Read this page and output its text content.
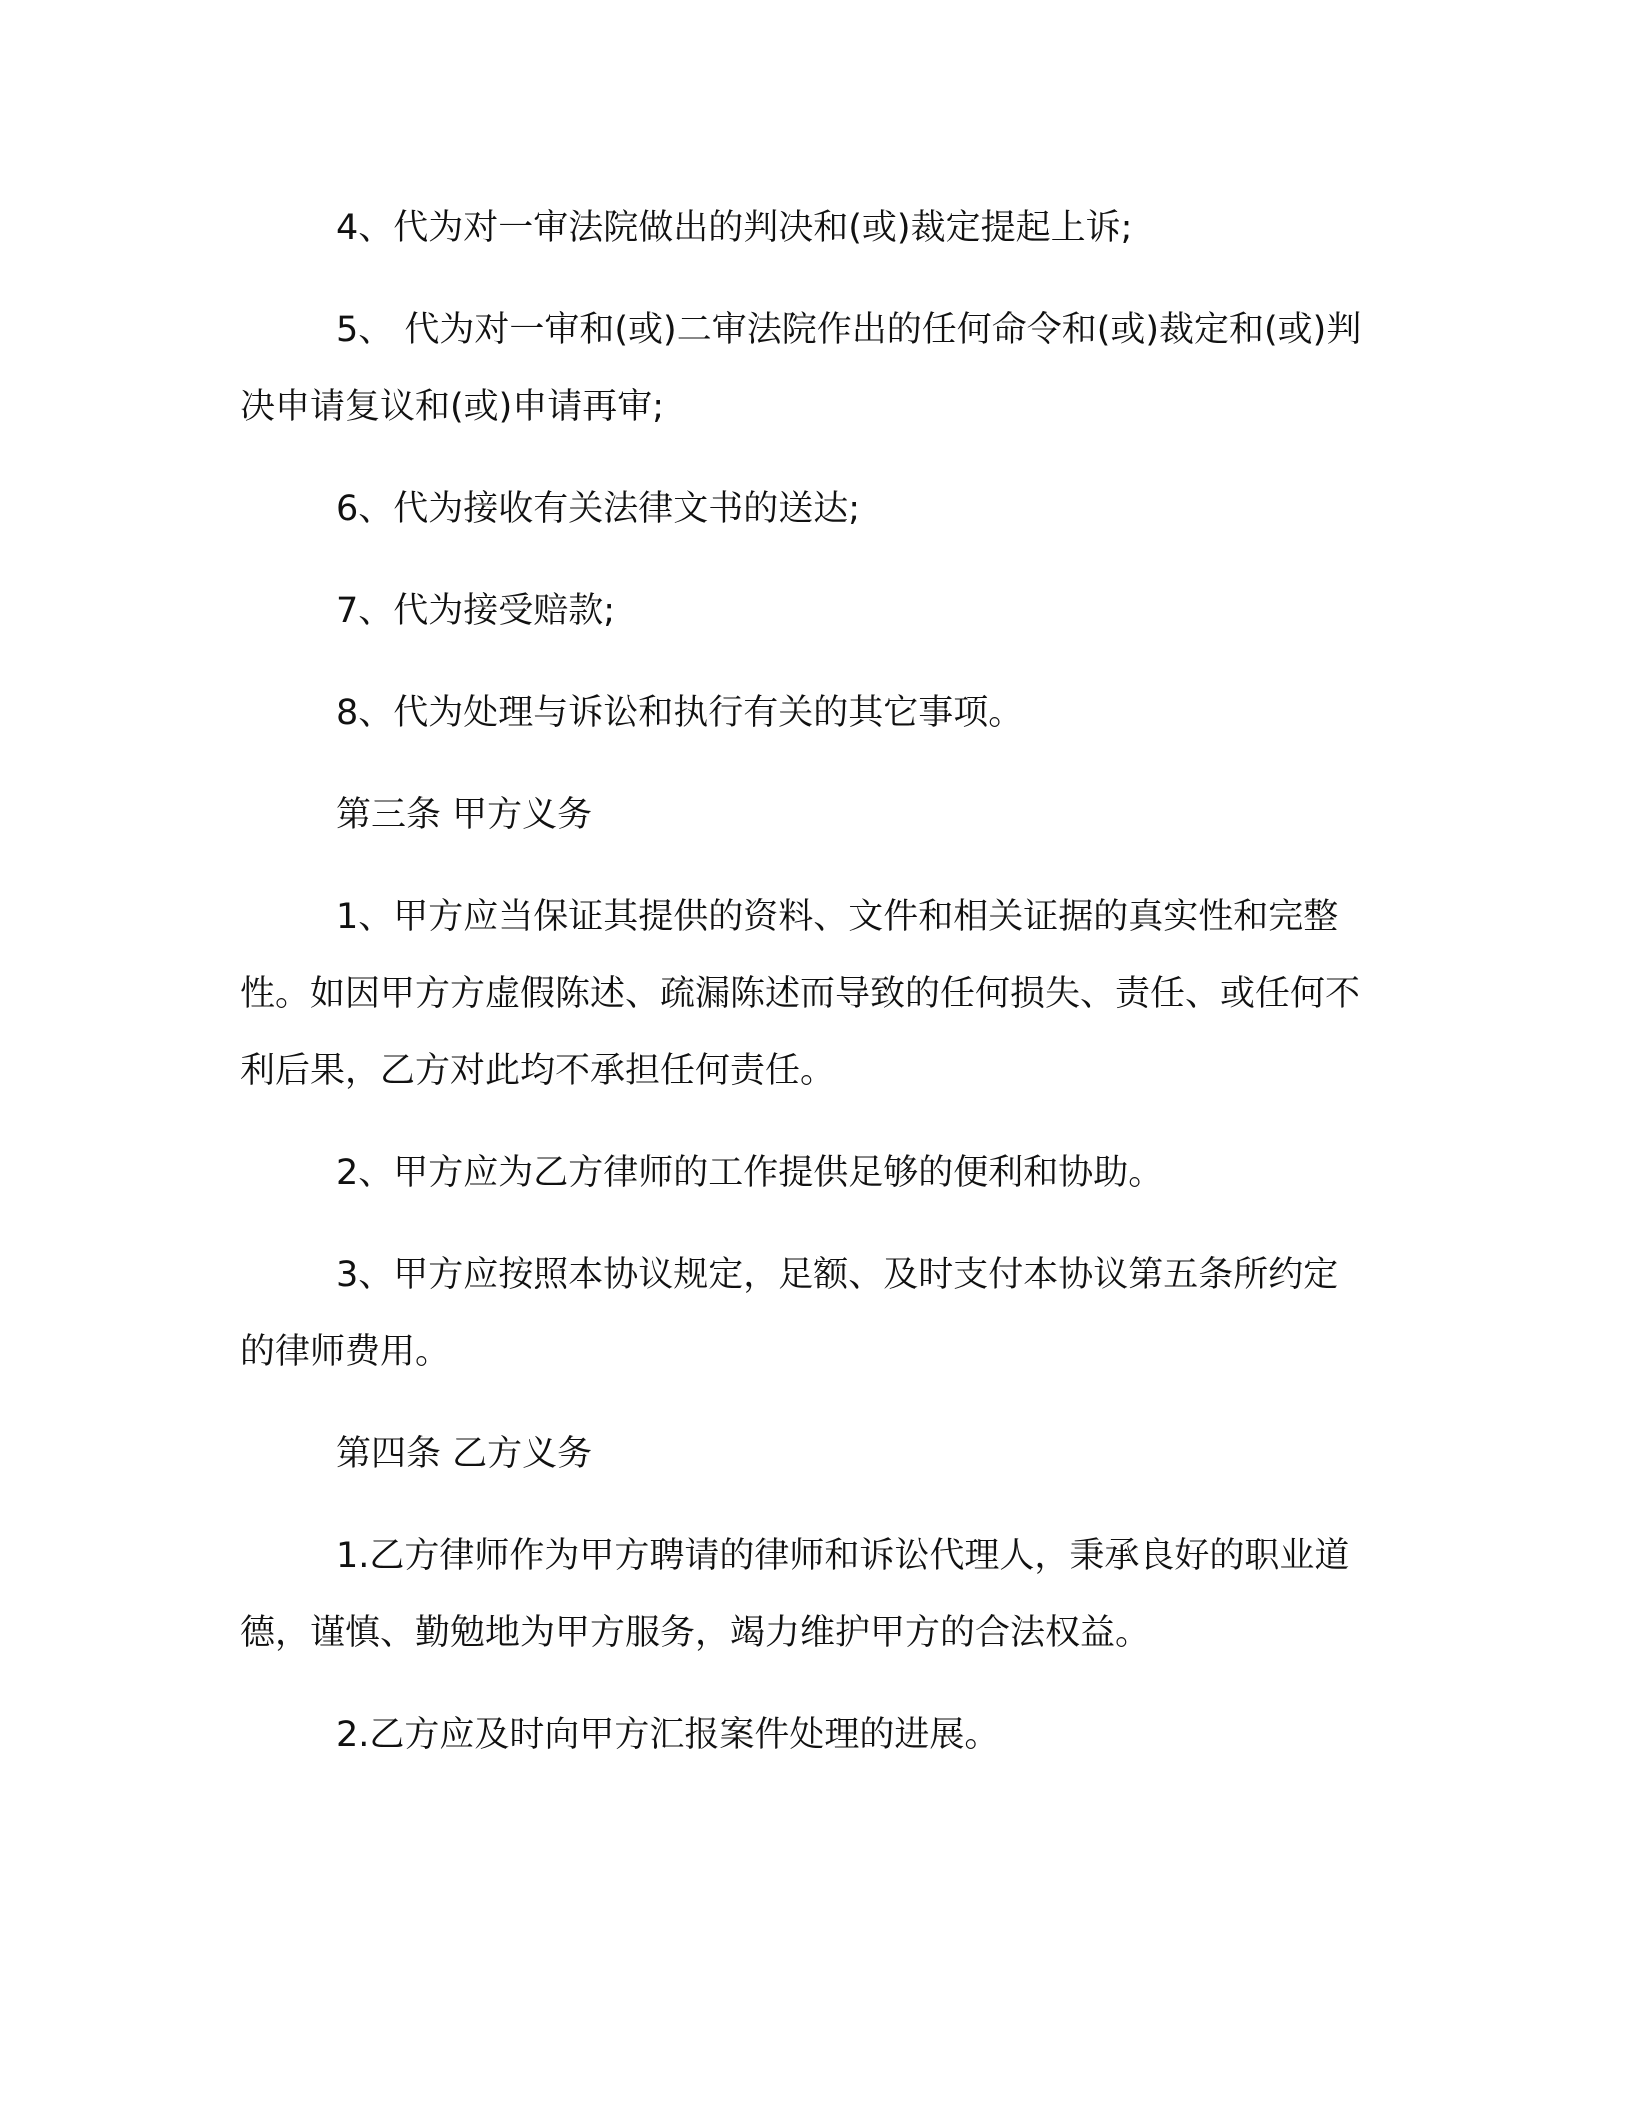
4、代为对一审法院做出的判决和(或)裁定提起上诉;

5、 代为对一审和(或)二审法院作出的任何命令和(或)裁定和(或)判决申请复议和(或)申请再审;

6、代为接收有关法律文书的送达;

7、代为接受赔款;

8、代为处理与诉讼和执行有关的其它事项。

第三条 甲方义务

1、甲方应当保证其提供的资料、文件和相关证据的真实性和完整性。如因甲方方虚假陈述、疏漏陈述而导致的任何损失、责任、或任何不利后果，乙方对此均不承担任何责任。

2、甲方应为乙方律师的工作提供足够的便利和协助。

3、甲方应按照本协议规定，足额、及时支付本协议第五条所约定的律师费用。

第四条 乙方义务

1.乙方律师作为甲方聘请的律师和诉讼代理人，秉承良好的职业道德，谨慎、勤勉地为甲方服务，竭力维护甲方的合法权益。

2.乙方应及时向甲方汇报案件处理的进展。
